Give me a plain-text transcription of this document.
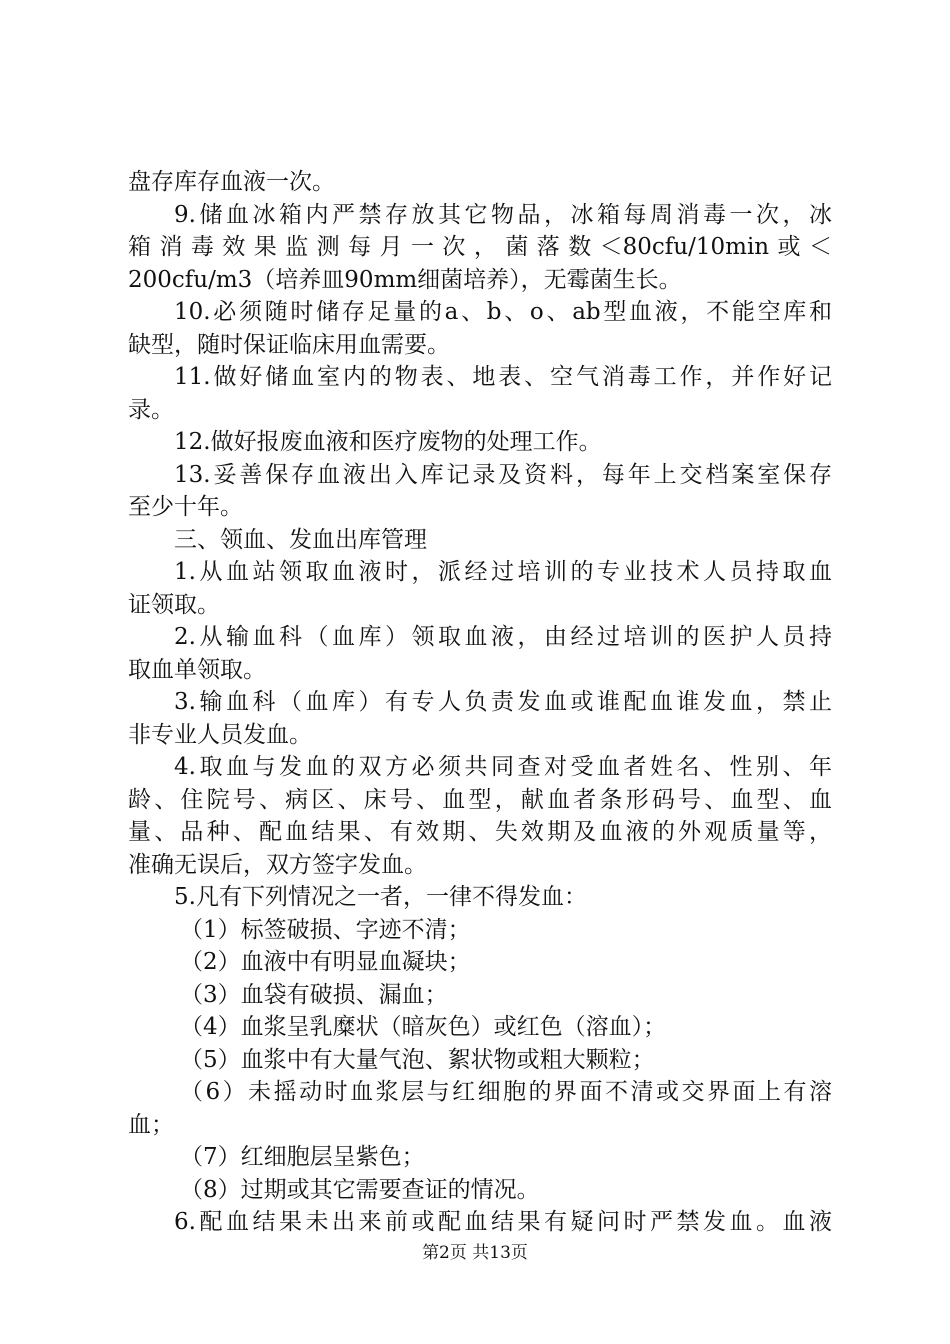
盘存库存血液一次。
9.储血冰箱内严禁存放其它物品，冰箱每周消毒一次，冰
箱消毒效果监测每月一次，菌落数＜80cfu/10min或＜
200cfu/m3（培养皿90mm细菌培养），无霉菌生长。
10.必须随时储存足量的a、b、o、ab型血液，不能空库和
缺型，随时保证临床用血需要。
11.做好储血室内的物表、地表、空气消毒工作，并作好记
录。
12.做好报废血液和医疗废物的处理工作。
13.妥善保存血液出入库记录及资料，每年上交档案室保存
至少十年。
三、领血、发血出库管理
1.从血站领取血液时，派经过培训的专业技术人员持取血
证领取。
2.从输血科（血库）领取血液，由经过培训的医护人员持
取血单领取。
3.输血科（血库）有专人负责发血或谁配血谁发血，禁止
非专业人员发血。
4.取血与发血的双方必须共同查对受血者姓名、性别、年
龄、住院号、病区、床号、血型，献血者条形码号、血型、血
量、品种、配血结果、有效期、失效期及血液的外观质量等，
准确无误后，双方签字发血。
5.凡有下列情况之一者，一律不得发血：
（1）标签破损、字迹不清；
（2）血液中有明显血凝块；
（3）血袋有破损、漏血；
（4）血浆呈乳糜状（暗灰色）或红色（溶血）；
（5）血浆中有大量气泡、絮状物或粗大颗粒；
（6）未摇动时血浆层与红细胞的界面不清或交界面上有溶
血；
（7）红细胞层呈紫色；
（8）过期或其它需要查证的情况。
6.配血结果未出来前或配血结果有疑问时严禁发血。血液
第2页 共13页
